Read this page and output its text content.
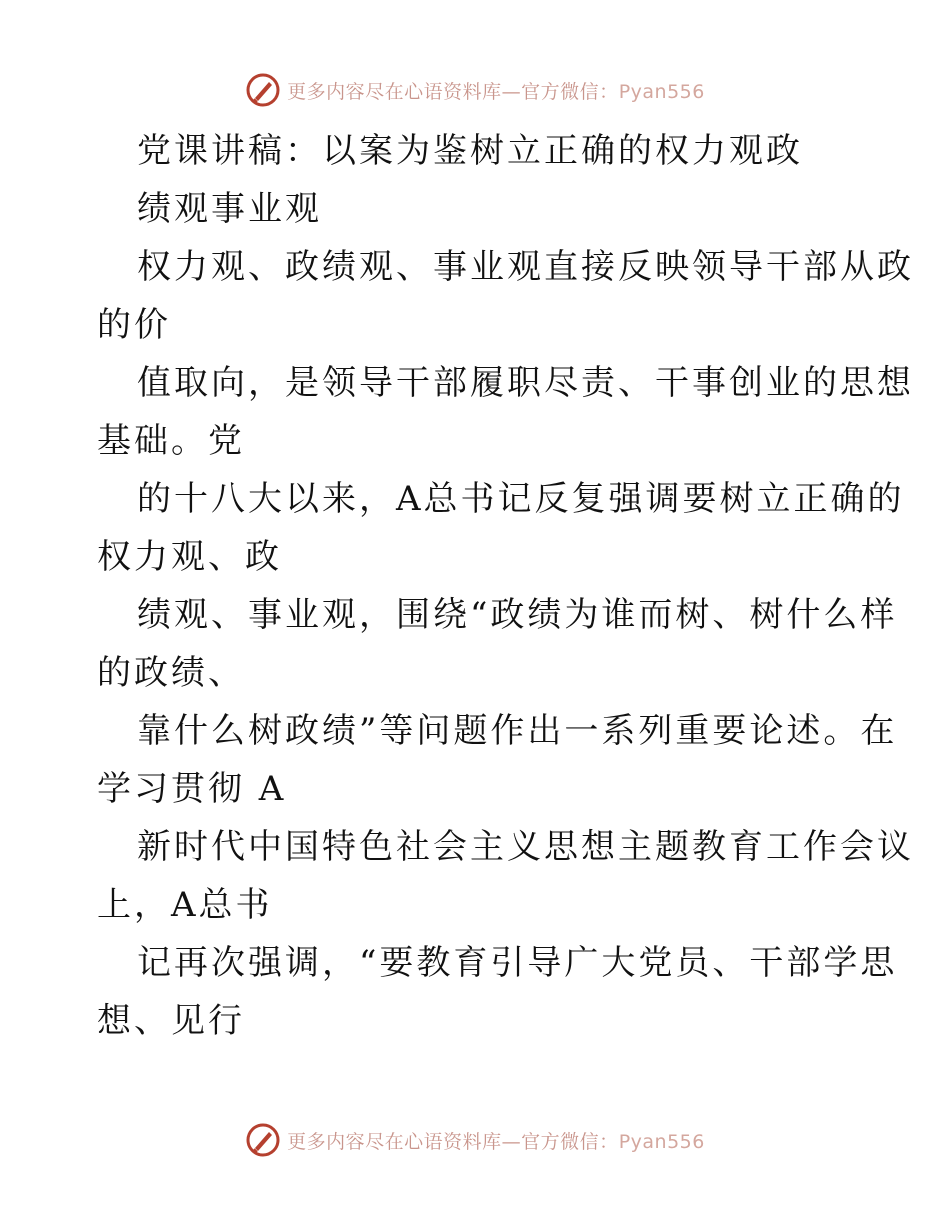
更多内容尽在心语资料库—官方微信：Pyan556
党课讲稿：以案为鉴树立正确的权力观政
绩观事业观
权力观、政绩观、事业观直接反映领导干部从政
的价
值取向，是领导干部履职尽责、干事创业的思想
基础。党
的十八大以来，A总书记反复强调要树立正确的
权力观、政
绩观、事业观，围绕“政绩为谁而树、树什么样
的政绩、
靠什么树政绩”等问题作出一系列重要论述。在
学习贯彻 A
新时代中国特色社会主义思想主题教育工作会议
上，A总书
记再次强调，“要教育引导广大党员、干部学思
想、见行
更多内容尽在心语资料库—官方微信：Pyan556
